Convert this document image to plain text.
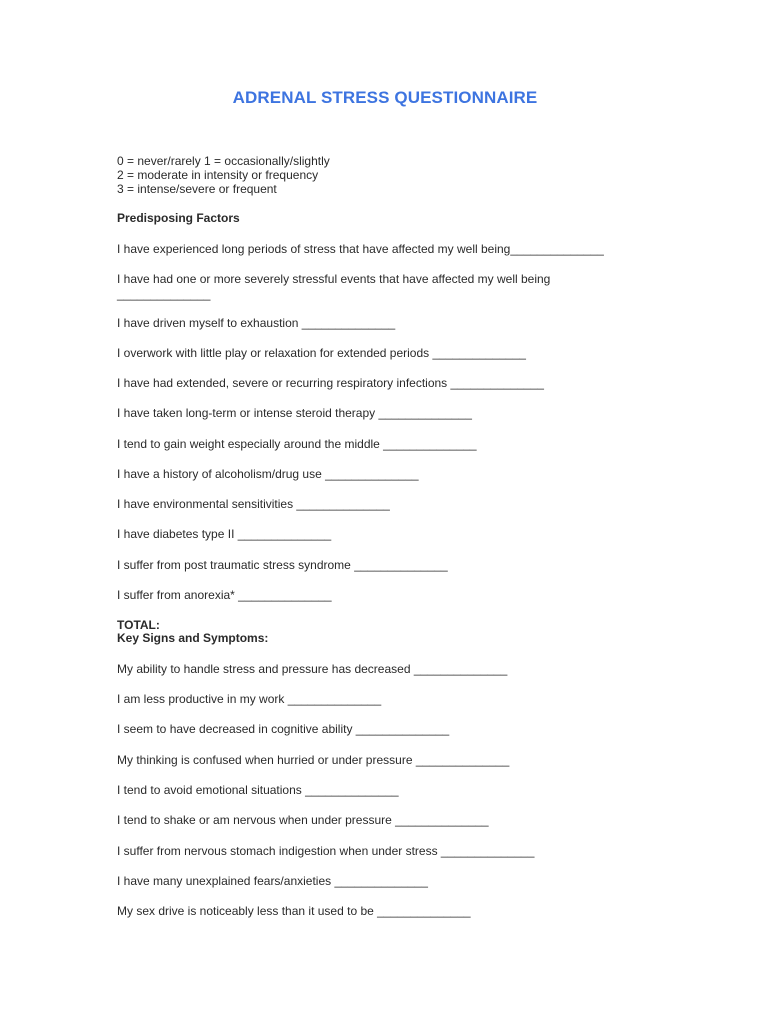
ADRENAL STRESS QUESTIONNAIRE
0 = never/rarely 1 = occasionally/slightly
2 = moderate in intensity or frequency
3 = intense/severe or frequent
Predisposing Factors
I have experienced long periods of stress that have affected my well being______________
I have had one or more severely stressful events that have affected my well being
______________
I have driven myself to exhaustion ______________
I overwork with little play or relaxation for extended periods ______________
I have had extended, severe or recurring respiratory infections ______________
I have taken long-term or intense steroid therapy ______________
I tend to gain weight especially around the middle ______________
I have a history of alcoholism/drug use ______________
I have environmental sensitivities ______________
I have diabetes type II ______________
I suffer from post traumatic stress syndrome ______________
I suffer from anorexia* ______________
TOTAL:
Key Signs and Symptoms:
My ability to handle stress and pressure has decreased ______________
I am less productive in my work ______________
I seem to have decreased in cognitive ability ______________
My thinking is confused when hurried or under pressure ______________
I tend to avoid emotional situations ______________
I tend to shake or am nervous when under pressure ______________
I suffer from nervous stomach indigestion when under stress ______________
I have many unexplained fears/anxieties ______________
My sex drive is noticeably less than it used to be ______________
